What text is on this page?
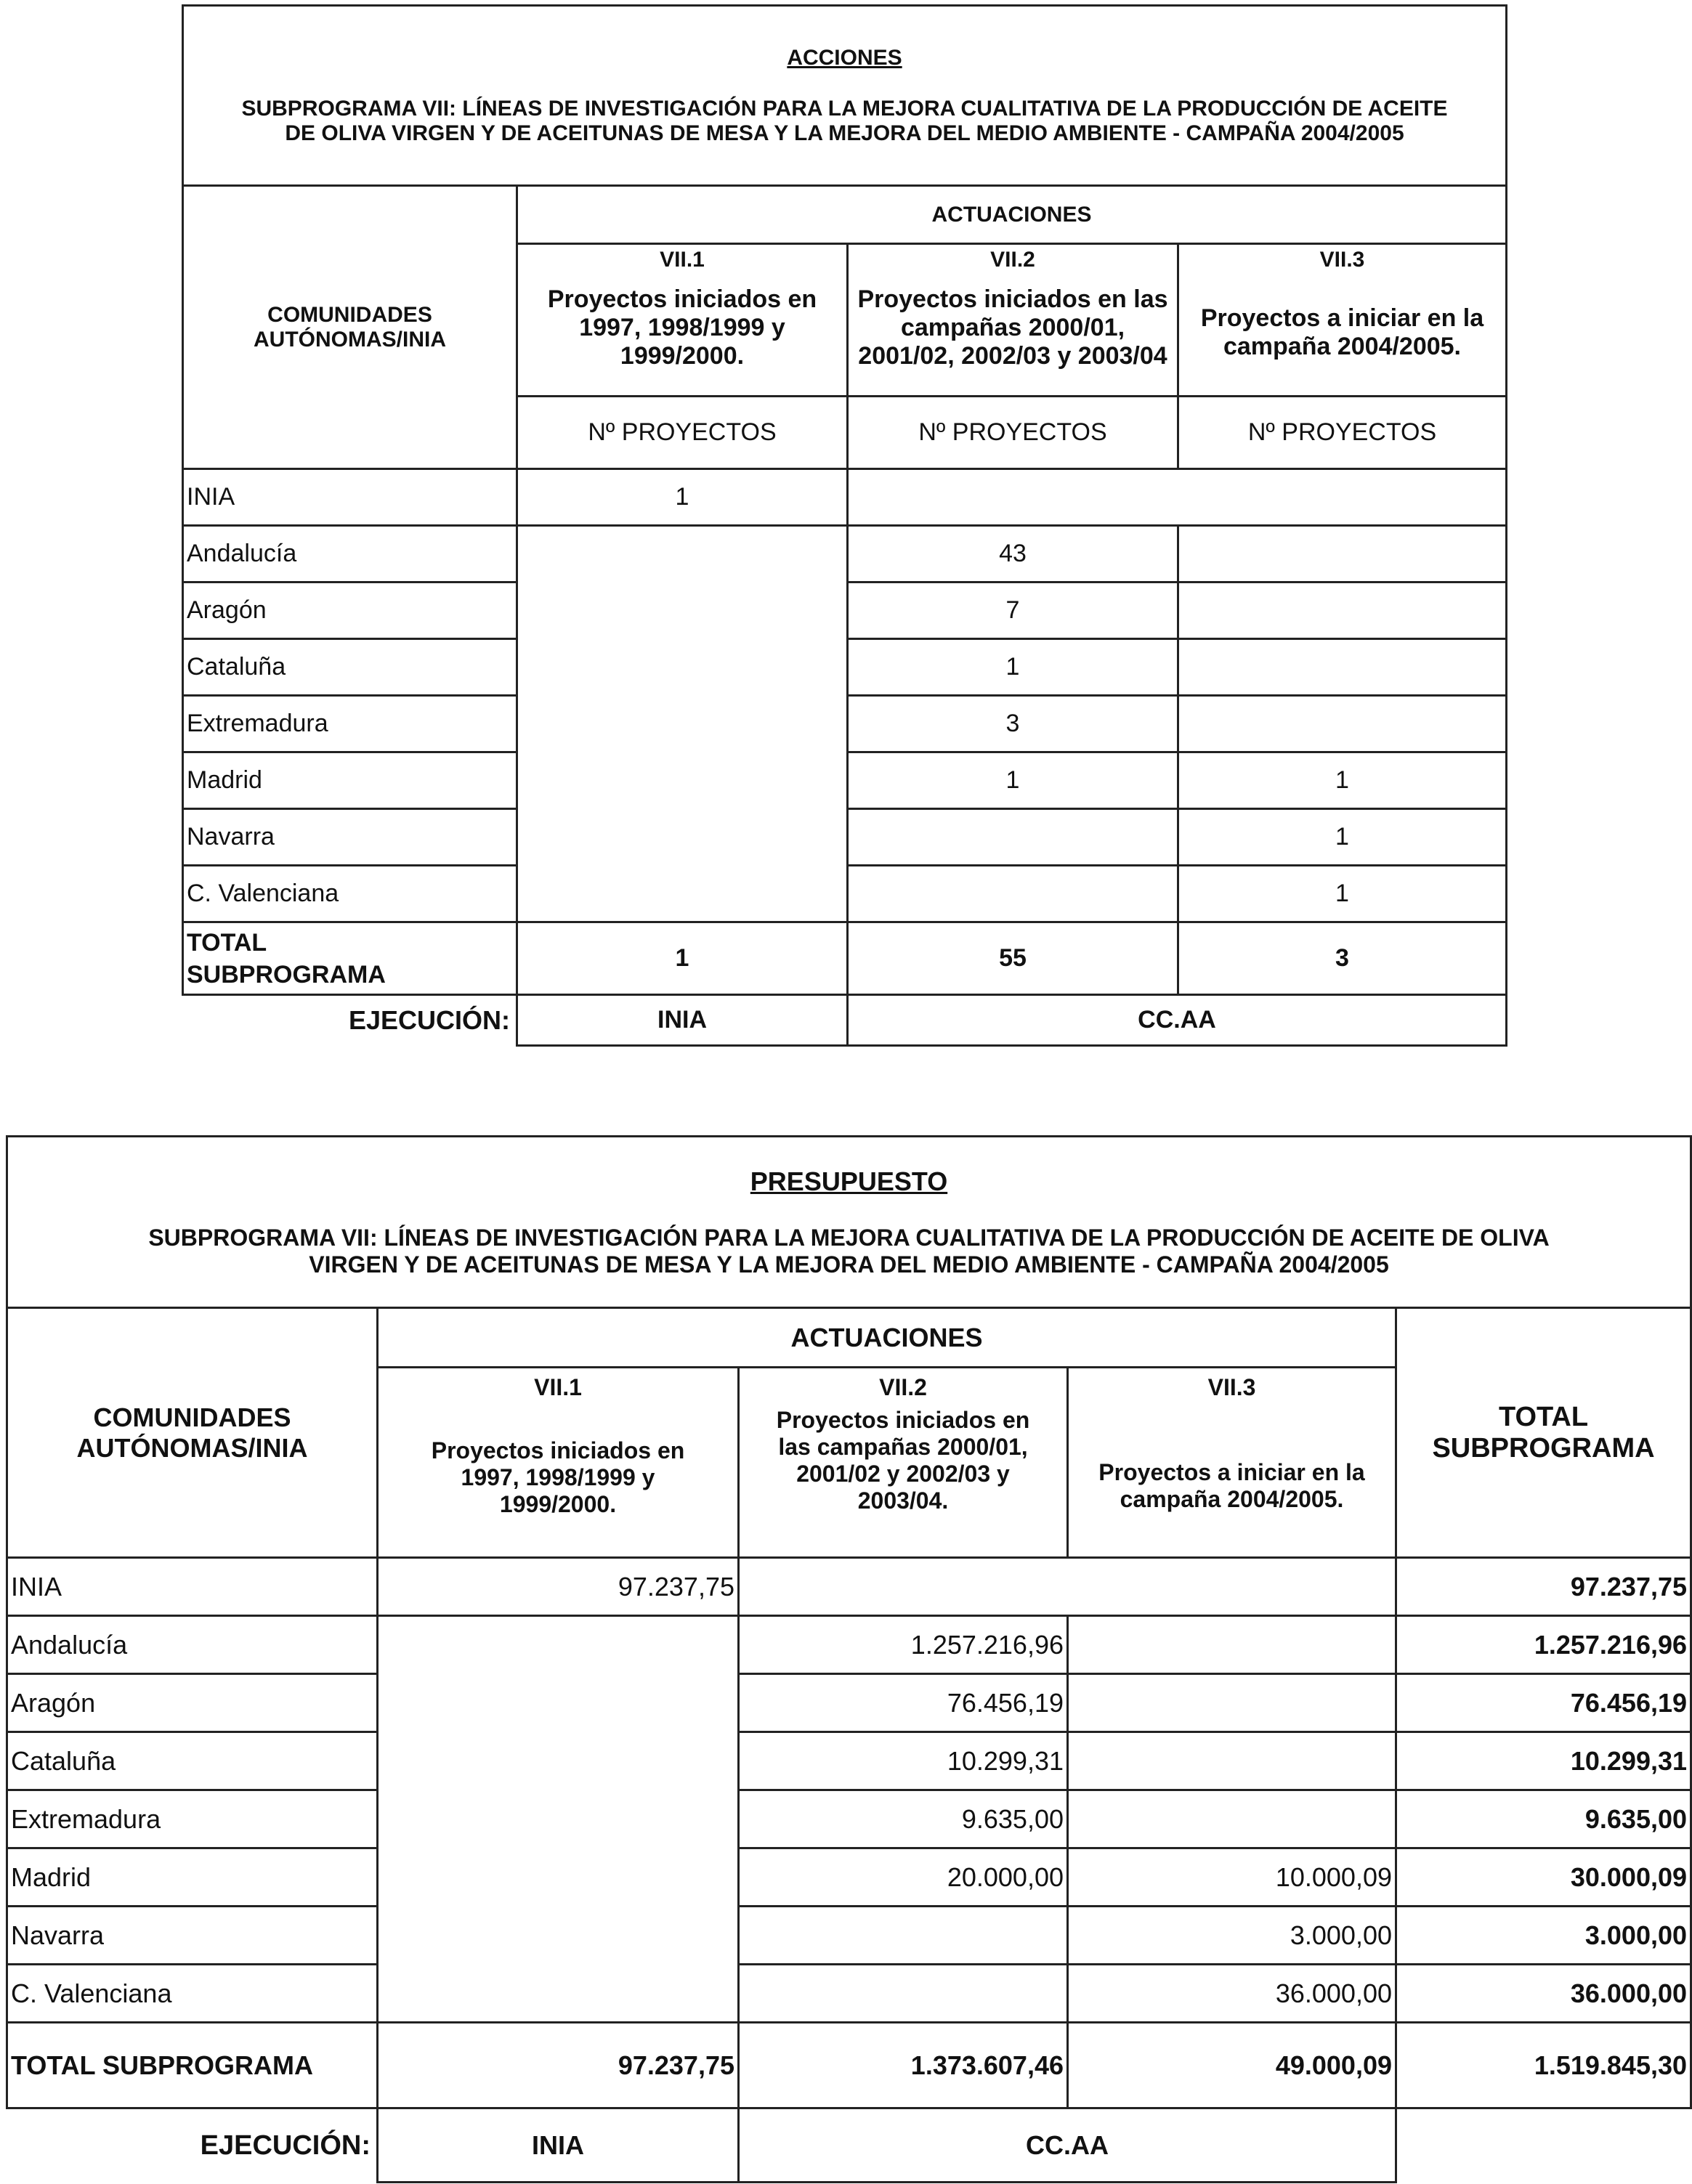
ACCIONES
SUBPROGRAMA VII: LÍNEAS DE INVESTIGACIÓN PARA LA MEJORA CUALITATIVA DE LA PRODUCCIÓN DE ACEITE
DE OLIVA VIRGEN Y DE ACEITUNAS DE MESA Y LA MEJORA DEL MEDIO AMBIENTE - CAMPAÑA 2004/2005			

COMUNIDADES
AUTÓNOMAS/INIA	ACTUACIONES		

	VII.1
Proyectos iniciados en
1997, 1998/1999 y
1999/2000.	VII.2
Proyectos iniciados en las
campañas 2000/01,
2001/02, 2002/03 y 2003/04	VII.3
Proyectos a iniciar en la
campaña 2004/2005.

	Nº PROYECTOS	Nº PROYECTOS	Nº PROYECTOS
INIA	1		
Andalucía		43	
Aragón		7	
Cataluña		1	
Extremadura		3	
Madrid		1	1
Navarra			1
C. Valenciana			1

TOTAL
SUBPROGRAMA	1	55	3
EJECUCIÓN:	INIA	CC.AA	
PRESUPUESTO
SUBPROGRAMA VII: LÍNEAS DE INVESTIGACIÓN PARA LA MEJORA CUALITATIVA DE LA PRODUCCIÓN DE ACEITE DE OLIVA
VIRGEN Y DE ACEITUNAS DE MESA Y LA MEJORA DEL MEDIO AMBIENTE - CAMPAÑA 2004/2005				

COMUNIDADES
AUTÓNOMAS/INIA	ACTUACIONES			TOTAL
SUBPROGRAMA

	VII.1
Proyectos iniciados en
1997, 1998/1999 y
1999/2000.	VII.2
Proyectos iniciados en
las campañas 2000/01,
2001/02 y 2002/03 y
2003/04.	VII.3
Proyectos a iniciar en la
campaña 2004/2005.	

INIA	97.237,75			97.237,75
Andalucía		1.257.216,96		1.257.216,96
Aragón		76.456,19		76.456,19
Cataluña		10.299,31		10.299,31
Extremadura		9.635,00		9.635,00
Madrid		20.000,00	10.000,09	30.000,09
Navarra			3.000,00	3.000,00
C. Valenciana			36.000,00	36.000,00
TOTAL SUBPROGRAMA	97.237,75	1.373.607,46	49.000,09	1.519.845,30
EJECUCIÓN:	INIA	CC.AA		
